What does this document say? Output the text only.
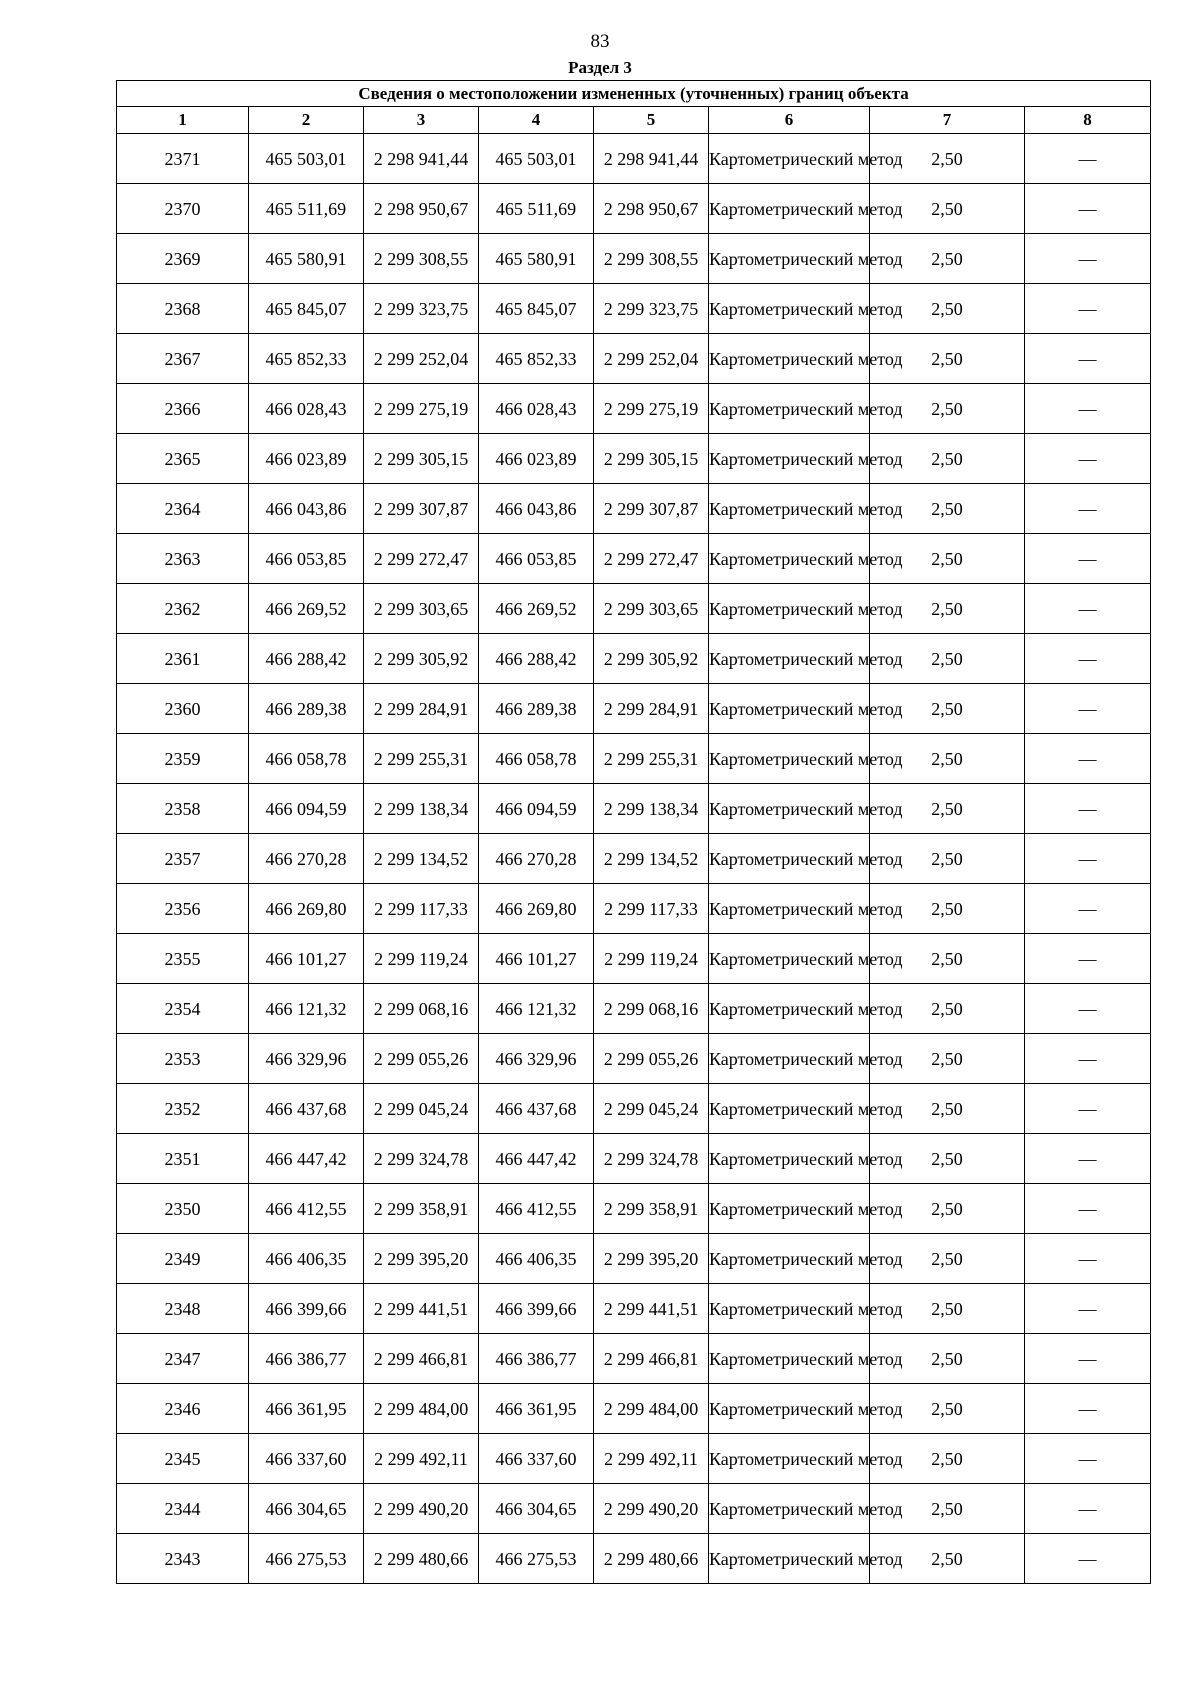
83
Раздел 3
Сведения о местоположении измененных (уточненных) границ объекта							
1	2	3	4	5	6	7	8
2371	465 503,01	2 298 941,44	465 503,01	2 298 941,44	Картометрический метод	2,50	—
2370	465 511,69	2 298 950,67	465 511,69	2 298 950,67	Картометрический метод	2,50	—
2369	465 580,91	2 299 308,55	465 580,91	2 299 308,55	Картометрический метод	2,50	—
2368	465 845,07	2 299 323,75	465 845,07	2 299 323,75	Картометрический метод	2,50	—
2367	465 852,33	2 299 252,04	465 852,33	2 299 252,04	Картометрический метод	2,50	—
2366	466 028,43	2 299 275,19	466 028,43	2 299 275,19	Картометрический метод	2,50	—
2365	466 023,89	2 299 305,15	466 023,89	2 299 305,15	Картометрический метод	2,50	—
2364	466 043,86	2 299 307,87	466 043,86	2 299 307,87	Картометрический метод	2,50	—
2363	466 053,85	2 299 272,47	466 053,85	2 299 272,47	Картометрический метод	2,50	—
2362	466 269,52	2 299 303,65	466 269,52	2 299 303,65	Картометрический метод	2,50	—
2361	466 288,42	2 299 305,92	466 288,42	2 299 305,92	Картометрический метод	2,50	—
2360	466 289,38	2 299 284,91	466 289,38	2 299 284,91	Картометрический метод	2,50	—
2359	466 058,78	2 299 255,31	466 058,78	2 299 255,31	Картометрический метод	2,50	—
2358	466 094,59	2 299 138,34	466 094,59	2 299 138,34	Картометрический метод	2,50	—
2357	466 270,28	2 299 134,52	466 270,28	2 299 134,52	Картометрический метод	2,50	—
2356	466 269,80	2 299 117,33	466 269,80	2 299 117,33	Картометрический метод	2,50	—
2355	466 101,27	2 299 119,24	466 101,27	2 299 119,24	Картометрический метод	2,50	—
2354	466 121,32	2 299 068,16	466 121,32	2 299 068,16	Картометрический метод	2,50	—
2353	466 329,96	2 299 055,26	466 329,96	2 299 055,26	Картометрический метод	2,50	—
2352	466 437,68	2 299 045,24	466 437,68	2 299 045,24	Картометрический метод	2,50	—
2351	466 447,42	2 299 324,78	466 447,42	2 299 324,78	Картометрический метод	2,50	—
2350	466 412,55	2 299 358,91	466 412,55	2 299 358,91	Картометрический метод	2,50	—
2349	466 406,35	2 299 395,20	466 406,35	2 299 395,20	Картометрический метод	2,50	—
2348	466 399,66	2 299 441,51	466 399,66	2 299 441,51	Картометрический метод	2,50	—
2347	466 386,77	2 299 466,81	466 386,77	2 299 466,81	Картометрический метод	2,50	—
2346	466 361,95	2 299 484,00	466 361,95	2 299 484,00	Картометрический метод	2,50	—
2345	466 337,60	2 299 492,11	466 337,60	2 299 492,11	Картометрический метод	2,50	—
2344	466 304,65	2 299 490,20	466 304,65	2 299 490,20	Картометрический метод	2,50	—
2343	466 275,53	2 299 480,66	466 275,53	2 299 480,66	Картометрический метод	2,50	—
